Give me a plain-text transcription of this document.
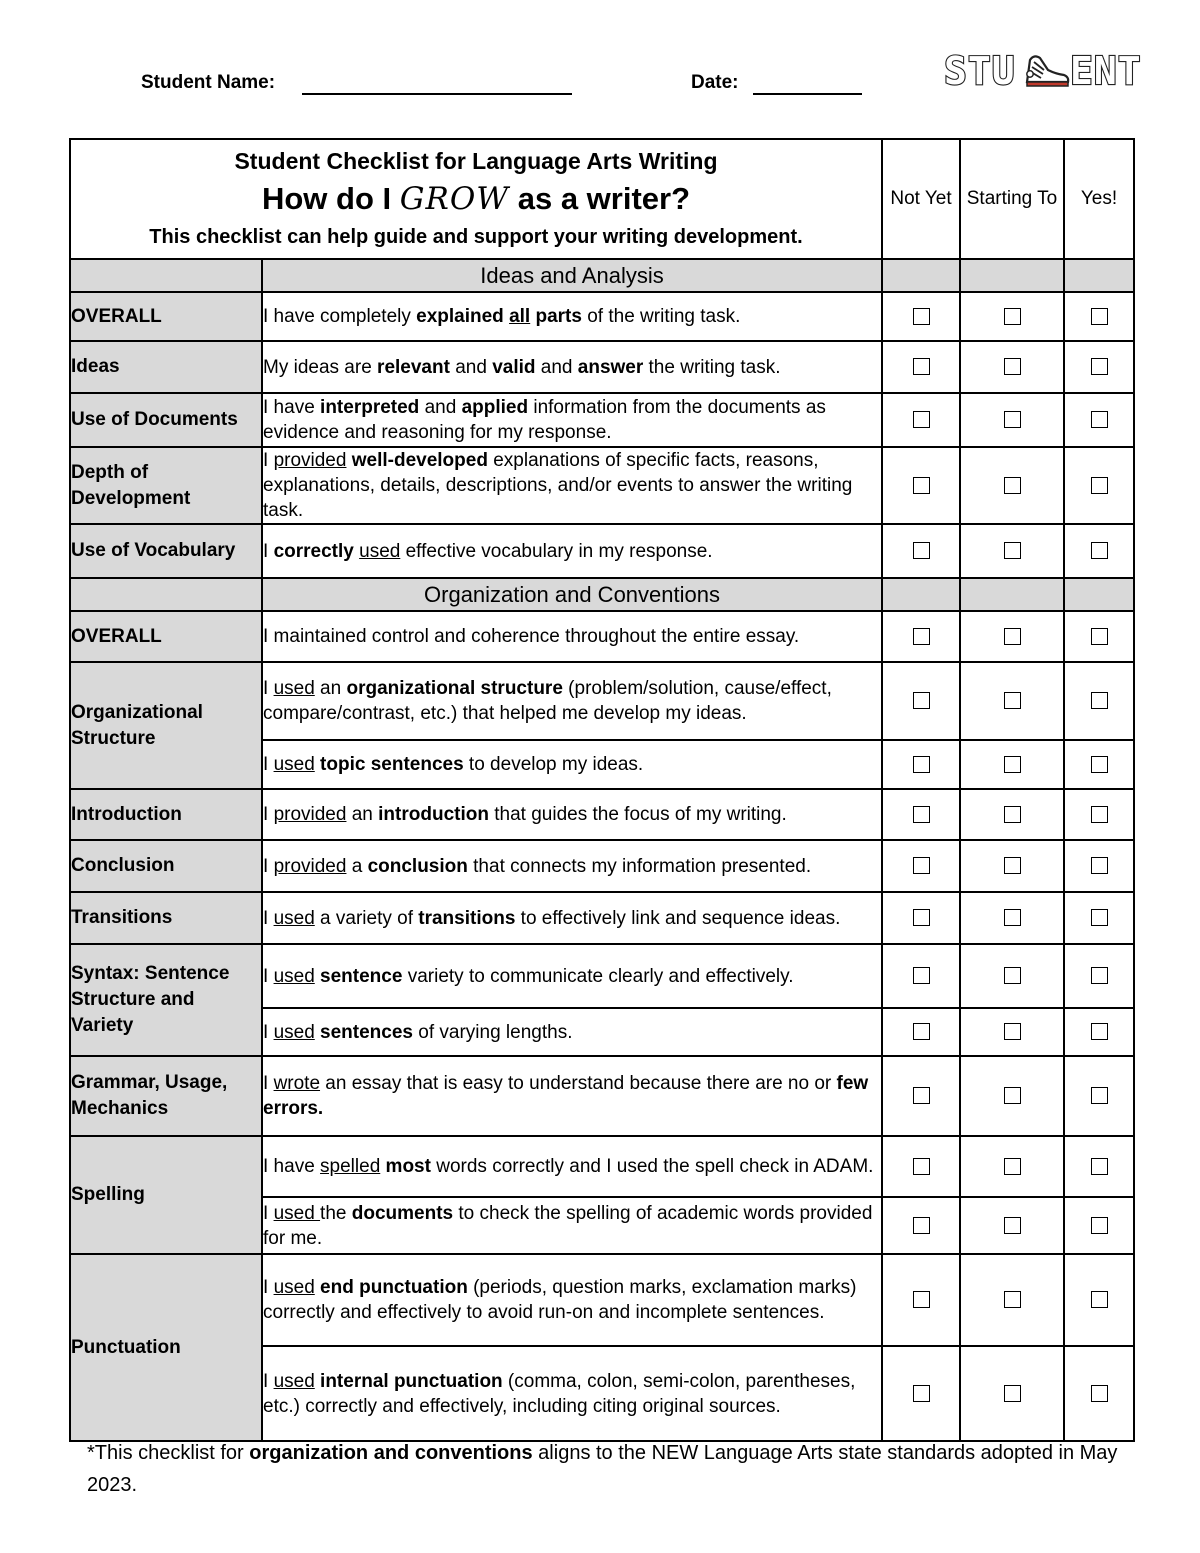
Student Name:	Date:	STU ENT
Student Checklist for Language Arts Writing
How do I GROW as a writer?
This checklist can help guide and support your writing development.		Not Yet	Starting To	Yes!
	Ideas and Analysis			
OVERALL	I have completely explained all parts of the writing task.			
Ideas	My ideas are relevant and valid and answer the writing task.			
Use of Documents	I have interpreted and applied information from the documents as evidence and reasoning for my response.			
Depth of Development	I provided well-developed explanations of specific facts, reasons, explanations, details, descriptions, and/or events to answer the writing task.			
Use of Vocabulary	I correctly used effective vocabulary in my response.			
	Organization and Conventions			
OVERALL	I maintained control and coherence throughout the entire essay.			
Organizational Structure	I used an organizational structure (problem/solution, cause/effect, compare/contrast, etc.) that helped me develop my ideas.			
	I used topic sentences to develop my ideas.			
Introduction	I provided an introduction that guides the focus of my writing.			
Conclusion	I provided a conclusion that connects my information presented.			
Transitions	I used a variety of transitions to effectively link and sequence ideas.			
Syntax: Sentence Structure and Variety	I used sentence variety to communicate clearly and effectively.			
	I used sentences of varying lengths.			
Grammar, Usage, Mechanics	I wrote an essay that is easy to understand because there are no or few errors.			
Spelling	I have spelled most words correctly and I used the spell check in ADAM.			
	I used the documents to check the spelling of academic words provided for me.			
Punctuation	I used end punctuation (periods, question marks, exclamation marks) correctly and effectively to avoid run-on and incomplete sentences.			
	I used internal punctuation (comma, colon, semi-colon, parentheses, etc.) correctly and effectively, including citing original sources.			
*This checklist for organization and conventions aligns to the NEW Language Arts state standards adopted in May 2023.
